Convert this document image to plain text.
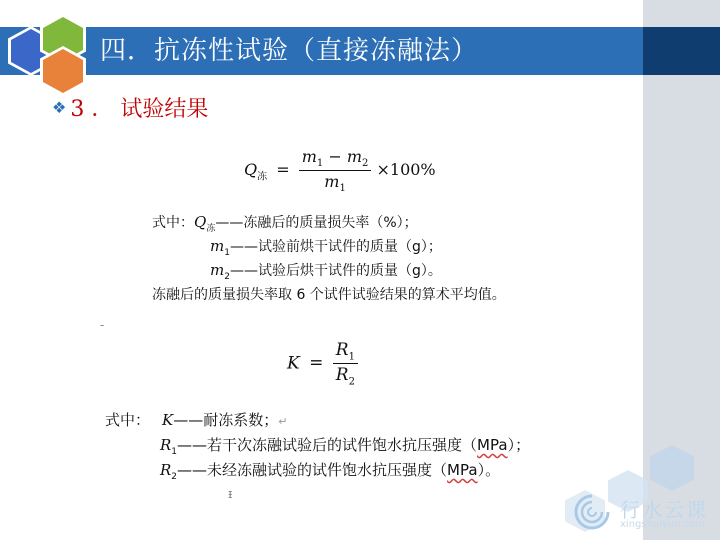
四．抗冻性试验（直接冻融法）
❖ 3 ． 试验结果
$Q_冻 = \frac{m_1 - m_2}{m_1} \times 100\%$
式中：$Q_冻——$冻融后的质量损失率（%）；
$m_1——$试验前烘干试件的质量（g）；
$m_2——$试验后烘干试件的质量（g）。
冻融后的质量损失率取 6 个试件试验结果的算术平均值。
-
$K = \frac{R_1}{R_2}$
式中： K——耐冻系数；↵
$R_1——$若干次冻融试验后的试件饱水抗压强度（MPa）；
$R_2——$未经冻融试验的试件饱水抗压强度（MPa）。
ᵻ
行水云课
xingshuiyun.com
